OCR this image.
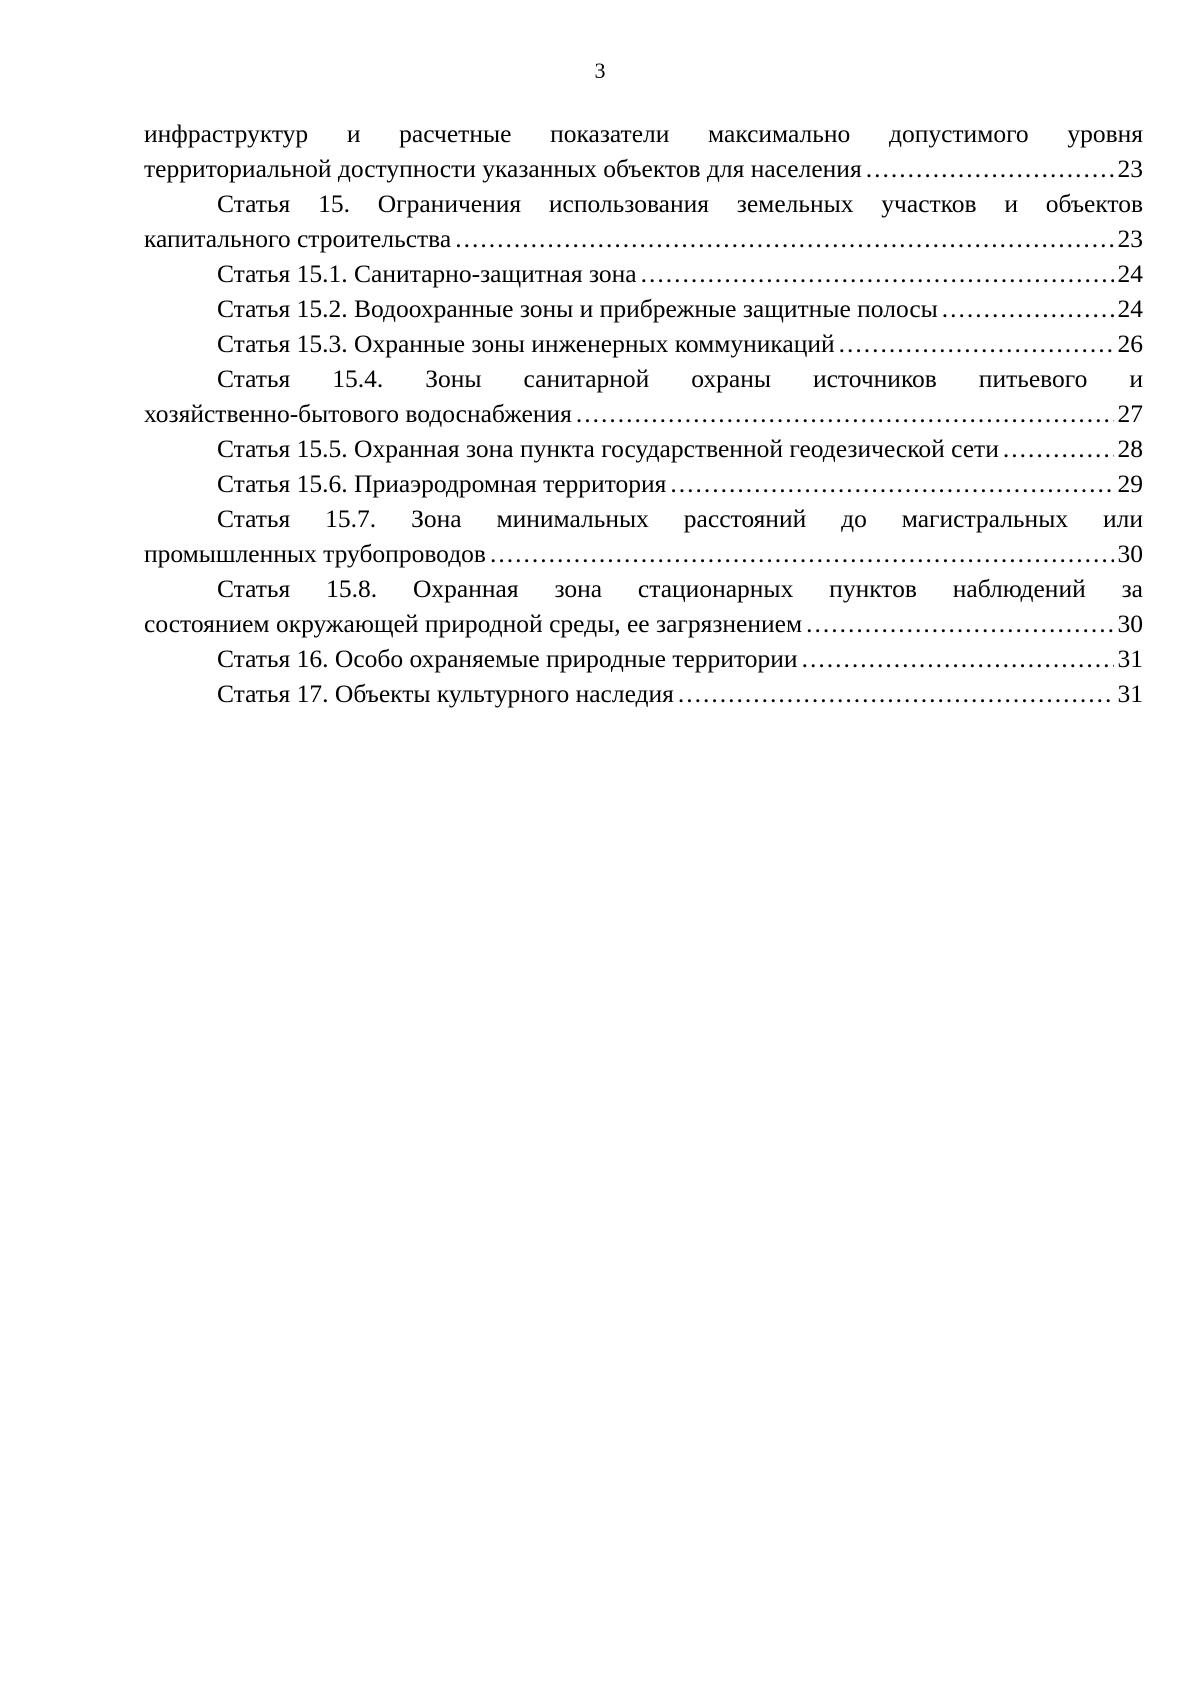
3
инфраструктур и расчетные показатели максимально допустимого уровня
территориальной доступности указанных объектов для населения .....	23
Статья 15. Ограничения использования земельных участков и объектов
капитального строительства .....	23
Статья 15.1. Санитарно-защитная зона .....	24
Статья 15.2. Водоохранные зоны и прибрежные защитные полосы .....	24
Статья 15.3. Охранные зоны инженерных коммуникаций .....	26
Статья 15.4. Зоны санитарной охраны источников питьевого и
хозяйственно-бытового водоснабжения .....	27
Статья 15.5. Охранная зона пункта государственной геодезической сети .....	28
Статья 15.6. Приаэродромная территория .....	29
Статья 15.7. Зона минимальных расстояний до магистральных или
промышленных трубопроводов .....	30
Статья 15.8. Охранная зона стационарных пунктов наблюдений за
состоянием окружающей природной среды, ее загрязнением .....	30
Статья 16. Особо охраняемые природные территории .....	31
Статья 17. Объекты культурного наследия .....	31
